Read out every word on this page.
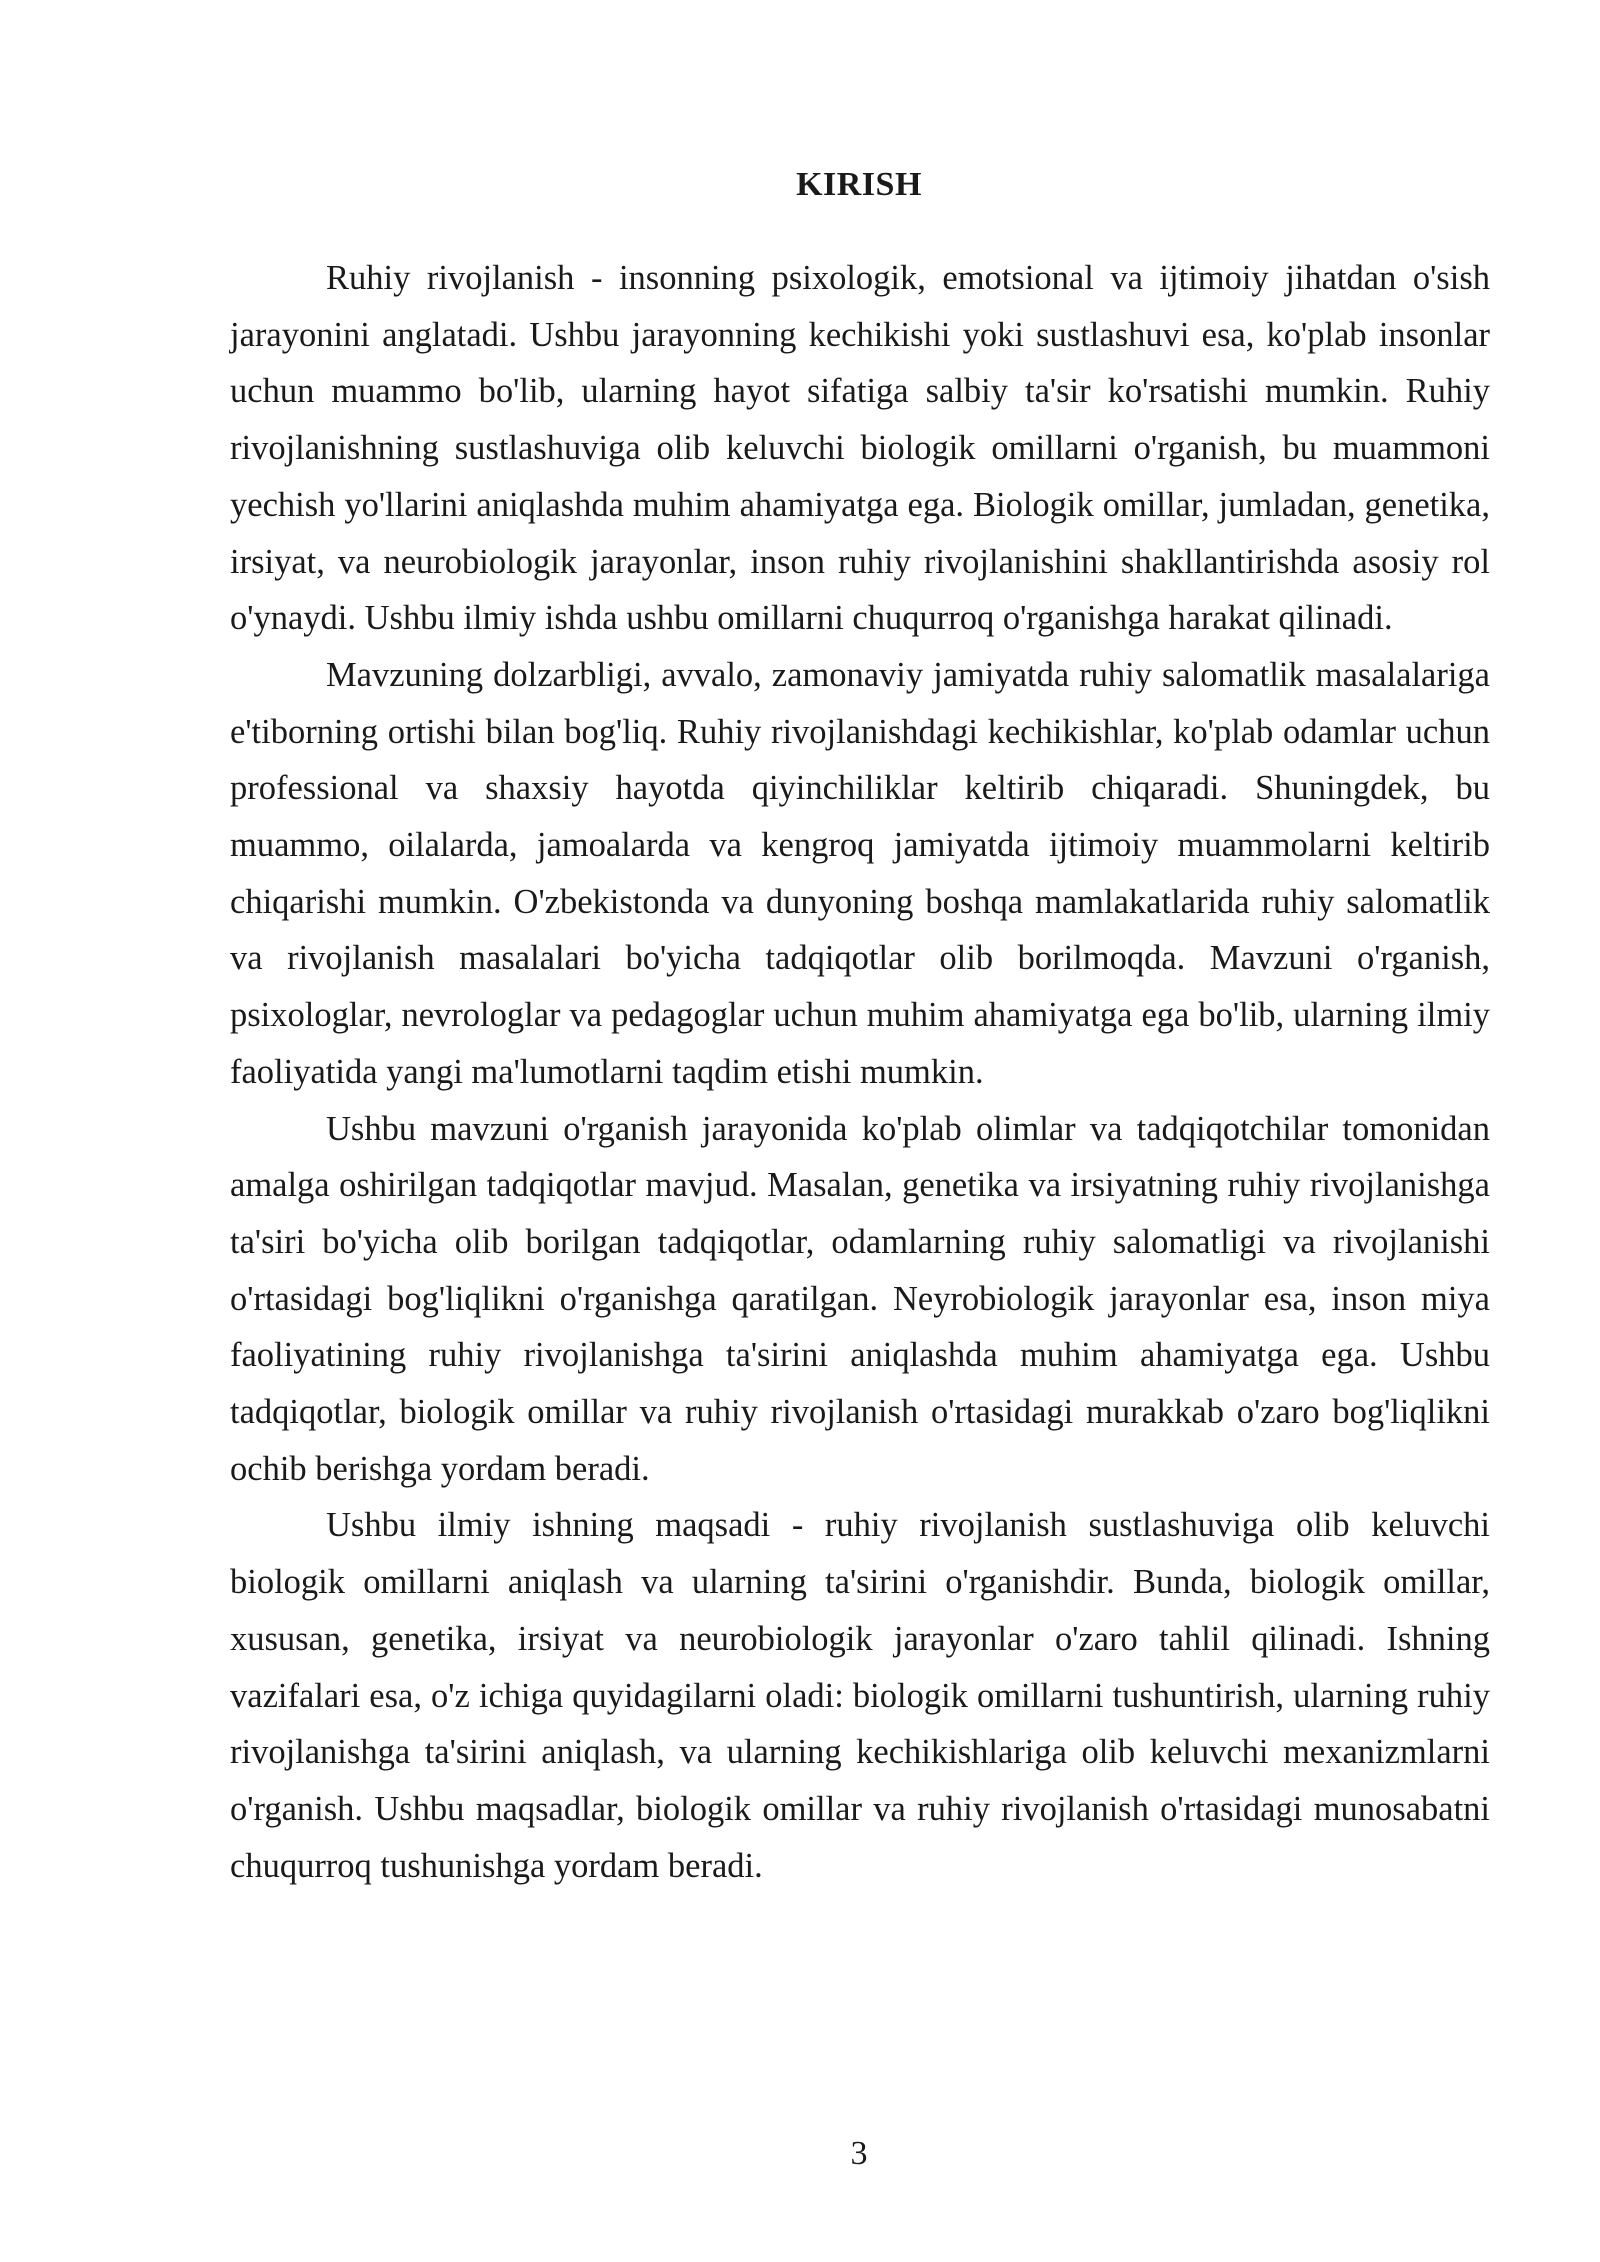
KIRISH

Ruhiy rivojlanish - insonning psixologik, emotsional va ijtimoiy jihatdan o'sish jarayonini anglatadi. Ushbu jarayonning kechikishi yoki sustlashuvi esa, ko'plab insonlar uchun muammo bo'lib, ularning hayot sifatiga salbiy ta'sir ko'rsatishi mumkin. Ruhiy rivojlanishning sustlashuviga olib keluvchi biologik omillarni o'rganish, bu muammoni yechish yo'llarini aniqlashda muhim ahamiyatga ega. Biologik omillar, jumladan, genetika, irsiyat, va neurobiologik jarayonlar, inson ruhiy rivojlanishini shakllantirishda asosiy rol o'ynaydi. Ushbu ilmiy ishda ushbu omillarni chuqurroq o'rganishga harakat qilinadi.

Mavzuning dolzarbligi, avvalo, zamonaviy jamiyatda ruhiy salomatlik masalalariga e'tiborning ortishi bilan bog'liq. Ruhiy rivojlanishdagi kechikishlar, ko'plab odamlar uchun professional va shaxsiy hayotda qiyinchiliklar keltirib chiqaradi. Shuningdek, bu muammo, oilalarda, jamoalarda va kengroq jamiyatda ijtimoiy muammolarni keltirib chiqarishi mumkin. O'zbekistonda va dunyoning boshqa mamlakatlarida ruhiy salomatlik va rivojlanish masalalari bo'yicha tadqiqotlar olib borilmoqda. Mavzuni o'rganish, psixologlar, nevrologlar va pedagoglar uchun muhim ahamiyatga ega bo'lib, ularning ilmiy faoliyatida yangi ma'lumotlarni taqdim etishi mumkin.

Ushbu mavzuni o'rganish jarayonida ko'plab olimlar va tadqiqotchilar tomonidan amalga oshirilgan tadqiqotlar mavjud. Masalan, genetika va irsiyatning ruhiy rivojlanishga ta'siri bo'yicha olib borilgan tadqiqotlar, odamlarning ruhiy salomatligi va rivojlanishi o'rtasidagi bog'liqlikni o'rganishga qaratilgan. Neyrobiologik jarayonlar esa, inson miya faoliyatining ruhiy rivojlanishga ta'sirini aniqlashda muhim ahamiyatga ega. Ushbu tadqiqotlar, biologik omillar va ruhiy rivojlanish o'rtasidagi murakkab o'zaro bog'liqlikni ochib berishga yordam beradi.

Ushbu ilmiy ishning maqsadi - ruhiy rivojlanish sustlashuviga olib keluvchi biologik omillarni aniqlash va ularning ta'sirini o'rganishdir. Bunda, biologik omillar, xususan, genetika, irsiyat va neurobiologik jarayonlar o'zaro tahlil qilinadi. Ishning vazifalari esa, o'z ichiga quyidagilarni oladi: biologik omillarni tushuntirish, ularning ruhiy rivojlanishga ta'sirini aniqlash, va ularning kechikishlariga olib keluvchi mexanizmlarni o'rganish. Ushbu maqsadlar, biologik omillar va ruhiy rivojlanish o'rtasidagi munosabatni chuqurroq tushunishga yordam beradi.

3
